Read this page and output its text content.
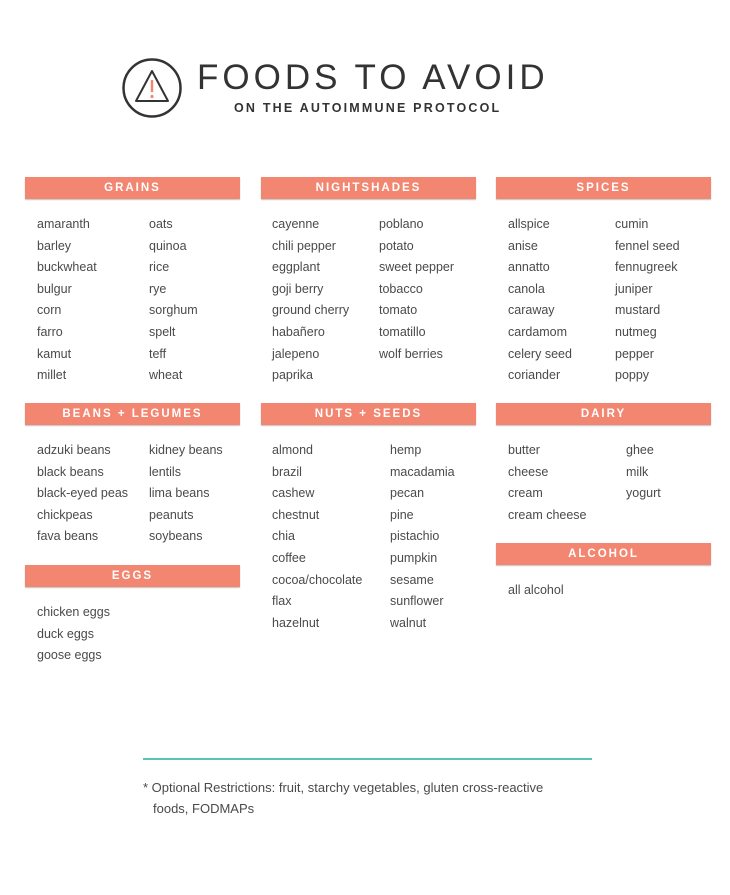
FOODS TO AVOID
ON THE AUTOIMMUNE PROTOCOL
GRAINS
amaranth
barley
buckwheat
bulgur
corn
farro
kamut
millet
oats
quinoa
rice
rye
sorghum
spelt
teff
wheat
NIGHTSHADES
cayenne
chili pepper
eggplant
goji berry
ground cherry
habañero
jalepeno
paprika
poblano
potato
sweet pepper
tobacco
tomato
tomatillo
wolf berries
SPICES
allspice
anise
annatto
canola
caraway
cardamom
celery seed
coriander
cumin
fennel seed
fennugreek
juniper
mustard
nutmeg
pepper
poppy
BEANS + LEGUMES
adzuki beans
black beans
black-eyed peas
chickpeas
fava beans
kidney beans
lentils
lima beans
peanuts
soybeans
NUTS + SEEDS
almond
brazil
cashew
chestnut
chia
coffee
cocoa/chocolate
flax
hazelnut
hemp
macadamia
pecan
pine
pistachio
pumpkin
sesame
sunflower
walnut
DAIRY
butter
cheese
cream
cream cheese
ghee
milk
yogurt
EGGS
chicken eggs
duck eggs
goose eggs
ALCOHOL
all alcohol
* Optional Restrictions: fruit, starchy vegetables, gluten cross-reactive
foods, FODMAPs
